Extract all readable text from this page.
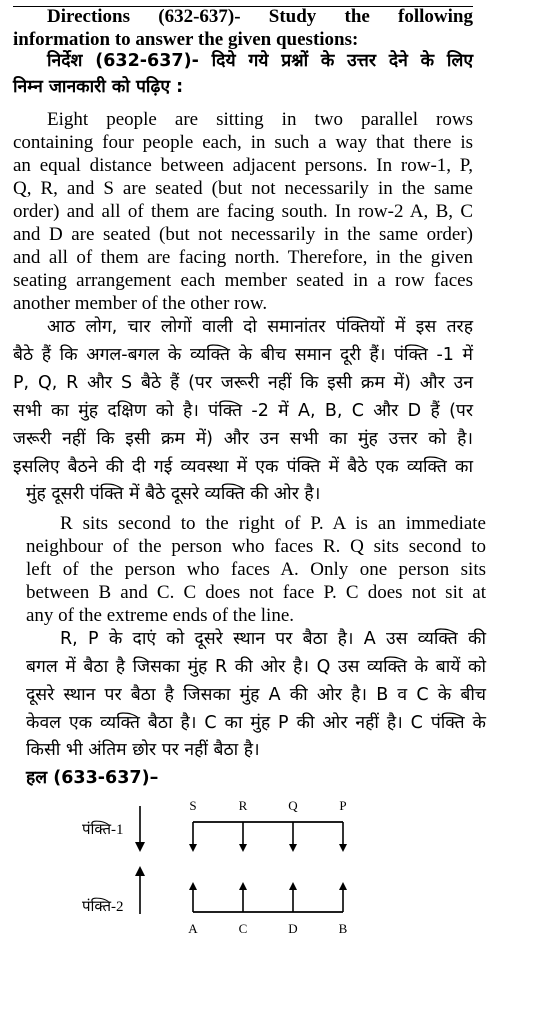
Directions (632-637)- Study the following
information to answer the given questions:
निर्देश (632-637)- दिये गये प्रश्नों के उत्तर देने के लिए
निम्न जानकारी को पढ़िए :
Eight people are sitting in two parallel rows
containing four people each, in such a way that there is
an equal distance between adjacent persons. In row-1, P,
Q, R, and S are seated (but not necessarily in the same
order) and all of them are facing south. In row-2 A, B, C
and D are seated (but not necessarily in the same order)
and all of them are facing north. Therefore, in the given
seating arrangement each member seated in a row faces
another member of the other row.
आठ लोग, चार लोगों वाली दो समानांतर पंक्तियों में इस तरह
बैठे हैं कि अगल-बगल के व्यक्ति के बीच समान दूरी हैं। पंक्ति -1 में
P, Q, R और S बैठे हैं (पर जरूरी नहीं कि इसी क्रम में) और उन
सभी का मुंह दक्षिण को है। पंक्ति -2 में A, B, C और D हैं (पर
जरूरी नहीं कि इसी क्रम में) और उन सभी का मुंह उत्तर को है।
इसलिए बैठने की दी गई व्यवस्था में एक पंक्ति में बैठे एक व्यक्ति का
मुंह दूसरी पंक्ति में बैठे दूसरे व्यक्ति की ओर है।
R sits second to the right of P. A is an immediate
neighbour of the person who faces R. Q sits second to
left of the person who faces A. Only one person sits
between B and C. C does not face P. C does not sit at
any of the extreme ends of the line.
R, P के दाएं को दूसरे स्थान पर बैठा है। A उस व्यक्ति की
बगल में बैठा है जिसका मुंह R की ओर है। Q उस व्यक्ति के बायें को
दूसरे स्थान पर बैठा है जिसका मुंह A की ओर है। B व C के बीच
केवल एक व्यक्ति बैठा है। C का मुंह P की ओर नहीं है। C पंक्ति के
किसी भी अंतिम छोर पर नहीं बैठा है।
हल (633-637)–
पंक्ति-1
पंक्ति-2
S	R	Q	P
A	C	D	B
